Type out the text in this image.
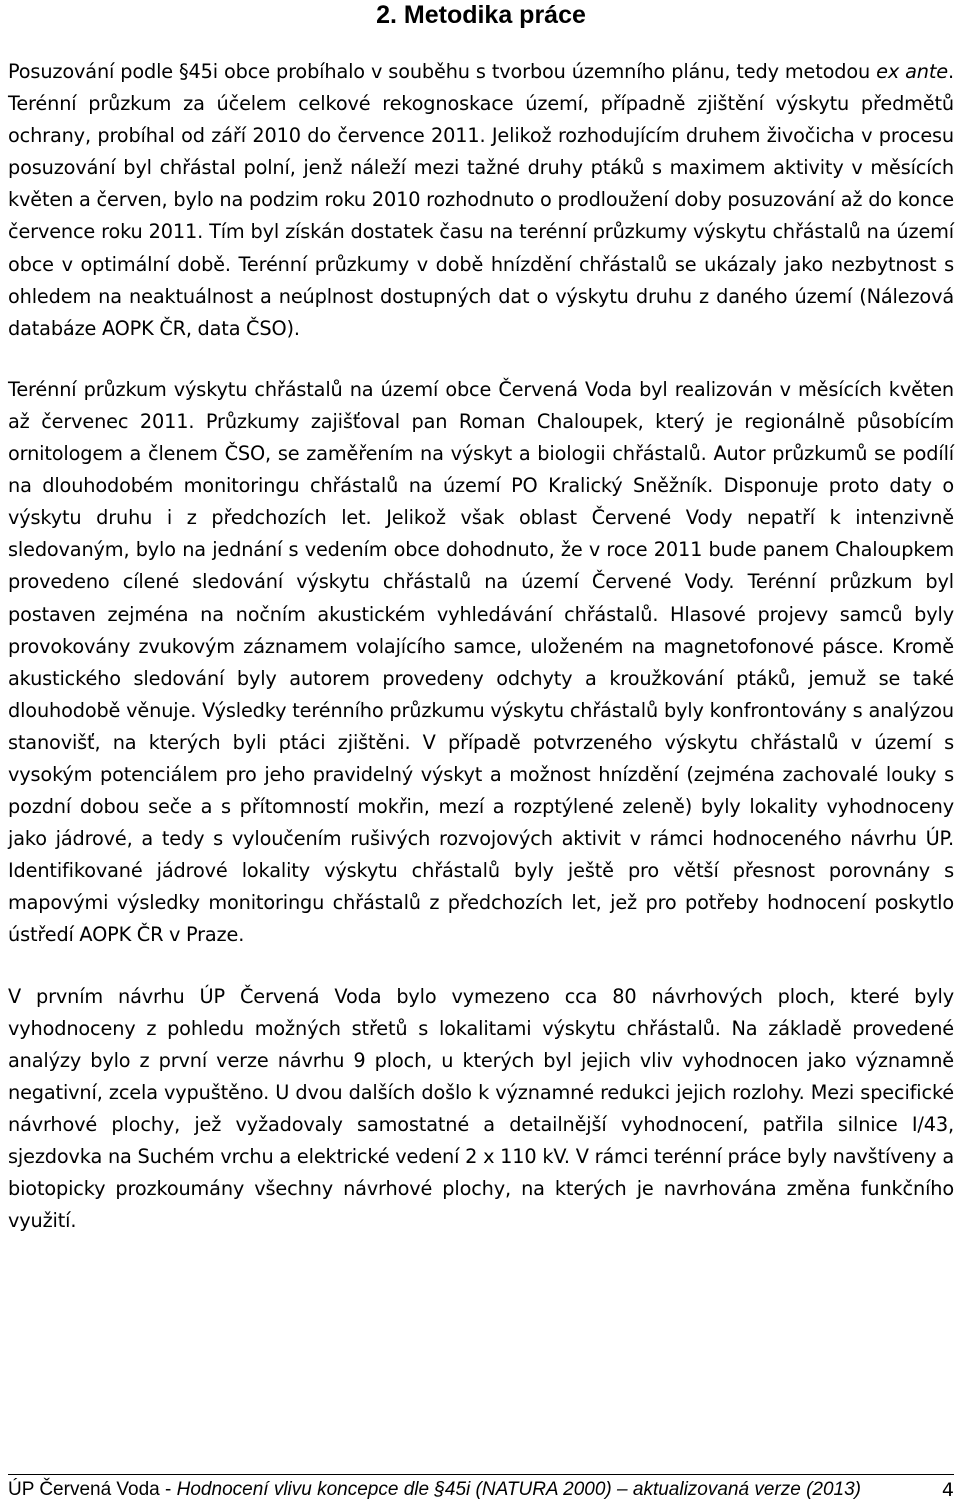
2. Metodika práce

Posuzování podle §45i obce probíhalo v souběhu s tvorbou územního plánu, tedy metodou ex ante. Terénní průzkum za účelem celkové rekognoskace území, případně zjištění výskytu předmětů ochrany, probíhal od září 2010 do července 2011. Jelikož rozhodujícím druhem živočicha v procesu posuzování byl chřástal polní, jenž náleží mezi tažné druhy ptáků s maximem aktivity v měsících květen a červen, bylo na podzim roku 2010 rozhodnuto o prodloužení doby posuzování až do konce července roku 2011. Tím byl získán dostatek času na terénní průzkumy výskytu chřástalů na území obce v optimální době. Terénní průzkumy v době hnízdění chřástalů se ukázaly jako nezbytnost s ohledem na neaktuálnost a neúplnost dostupných dat o výskytu druhu z daného území (Nálezová databáze AOPK ČR, data ČSO).

Terénní průzkum výskytu chřástalů na území obce Červená Voda byl realizován v měsících květen až červenec 2011. Průzkumy zajišťoval pan Roman Chaloupek, který je regionálně působícím ornitologem a členem ČSO, se zaměřením na výskyt a biologii chřástalů. Autor průzkumů se podílí na dlouhodobém monitoringu chřástalů na území PO Kralický Sněžník. Disponuje proto daty o výskytu druhu i z předchozích let. Jelikož však oblast Červené Vody nepatří k intenzivně sledovaným, bylo na jednání s vedením obce dohodnuto, že v roce 2011 bude panem Chaloupkem provedeno cílené sledování výskytu chřástalů na území Červené Vody. Terénní průzkum byl postaven zejména na nočním akustickém vyhledávání chřástalů. Hlasové projevy samců byly provokovány zvukovým záznamem volajícího samce, uloženém na magnetofonové pásce. Kromě akustického sledování byly autorem provedeny odchyty a kroužkování ptáků, jemuž se také dlouhodobě věnuje. Výsledky terénního průzkumu výskytu chřástalů byly konfrontovány s analýzou stanovišť, na kterých byli ptáci zjištěni. V případě potvrzeného výskytu chřástalů v území s vysokým potenciálem pro jeho pravidelný výskyt a možnost hnízdění (zejména zachovalé louky s pozdní dobou seče a s přítomností mokřin, mezí a rozptýlené zeleně) byly lokality vyhodnoceny jako jádrové, a tedy s vyloučením rušivých rozvojových aktivit v rámci hodnoceného návrhu ÚP. Identifikované jádrové lokality výskytu chřástalů byly ještě pro větší přesnost porovnány s mapovými výsledky monitoringu chřástalů z předchozích let, jež pro potřeby hodnocení poskytlo ústředí AOPK ČR v Praze.

V prvním návrhu ÚP Červená Voda bylo vymezeno cca 80 návrhových ploch, které byly vyhodnoceny z pohledu možných střetů s lokalitami výskytu chřástalů. Na základě provedené analýzy bylo z první verze návrhu 9 ploch, u kterých byl jejich vliv vyhodnocen jako významně negativní, zcela vypuštěno. U dvou dalších došlo k významné redukci jejich rozlohy. Mezi specifické návrhové plochy, jež vyžadovaly samostatné a detailnější vyhodnocení, patřila silnice I/43, sjezdovka na Suchém vrchu a elektrické vedení 2 x 110 kV. V rámci terénní práce byly navštíveny a biotopicky prozkoumány všechny návrhové plochy, na kterých je navrhována změna funkčního využití.

ÚP Červená Voda - Hodnocení vlivu koncepce dle §45i (NATURA 2000) – aktualizovaná verze (2013)	4
